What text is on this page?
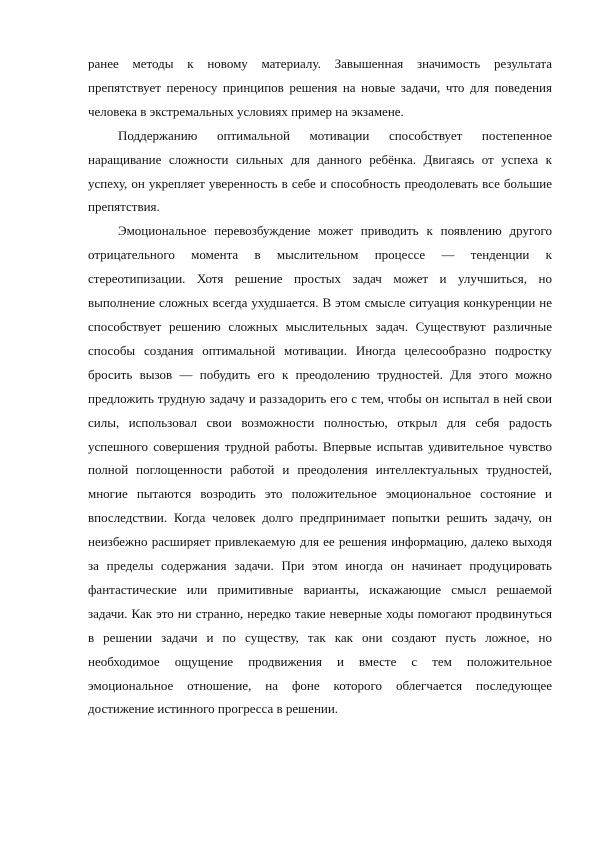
ранее методы к новому материалу. Завышенная значимость результата препятствует переносу принципов решения на новые задачи, что для поведения человека в экстремальных условиях пример на экзамене.

Поддержанию оптимальной мотивации способствует постепенное наращивание сложности сильных для данного ребёнка. Двигаясь от успеха к успеху, он укрепляет уверенность в себе и способность преодолевать все большие препятствия.

Эмоциональное перевозбуждение может приводить к появлению другого отрицательного момента в мыслительном процессе — тенденции к стереотипизации. Хотя решение простых задач может и улучшиться, но выполнение сложных всегда ухудшается. В этом смысле ситуация конкуренции не способствует решению сложных мыслительных задач. Существуют различные способы создания оптимальной мотивации. Иногда целесообразно подростку бросить вызов — побудить его к преодолению трудностей. Для этого можно предложить трудную задачу и раззадорить его с тем, чтобы он испытал в ней свои силы, использовал свои возможности полностью, открыл для себя радость успешного совершения трудной работы. Впервые испытав удивительное чувство полной поглощенности работой и преодоления интеллектуальных трудностей, многие пытаются возродить это положительное эмоциональное состояние и впоследствии. Когда человек долго предпринимает попытки решить задачу, он неизбежно расширяет привлекаемую для ее решения информацию, далеко выходя за пределы содержания задачи. При этом иногда он начинает продуцировать фантастические или примитивные варианты, искажающие смысл решаемой задачи. Как это ни странно, нередко такие неверные ходы помогают продвинуться в решении задачи и по существу, так как они создают пусть ложное, но необходимое ощущение продвижения и вместе с тем положительное эмоциональное отношение, на фоне которого облегчается последующее достижение истинного прогресса в решении.
